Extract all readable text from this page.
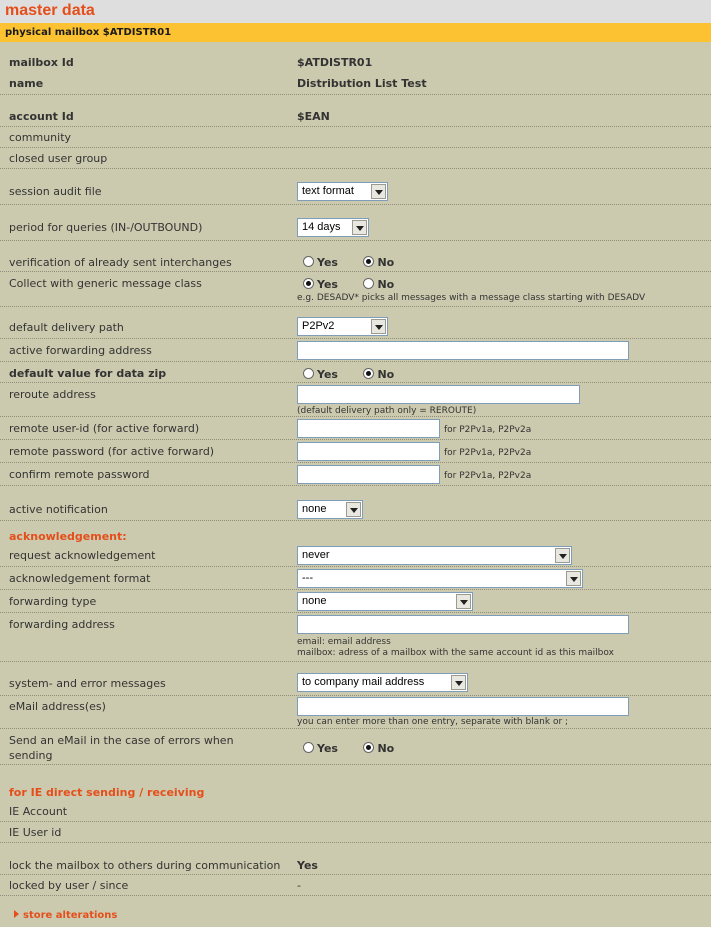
master data
physical mailbox $ATDISTR01
mailbox Id	$ATDISTR01
name	Distribution List Test
account Id	$EAN
community
closed user group
session audit file	text format
period for queries (IN-/OUTBOUND)	14 days
verification of already sent interchanges	Yes	No
Collect with generic message class	Yes	No
e.g. DESADV* picks all messages with a message class starting with DESADV
default delivery path	P2Pv2
active forwarding address
default value for data zip	Yes	No
reroute address
(default delivery path only = REROUTE)
remote user-id (for active forward)	for P2Pv1a, P2Pv2a
remote password (for active forward)	for P2Pv1a, P2Pv2a
confirm remote password	for P2Pv1a, P2Pv2a
active notification	none
acknowledgement:
request acknowledgement	never
acknowledgement format	---
forwarding type	none
forwarding address
email: email address
mailbox: adress of a mailbox with the same account id as this mailbox
system- and error messages	to company mail address
eMail address(es)
you can enter more than one entry, separate with blank or ;
Send an eMail in the case of errors when
sending
Yes	No
for IE direct sending / receiving
IE Account
IE User id
lock the mailbox to others during communication Yes
locked by user / since	-
store alterations
